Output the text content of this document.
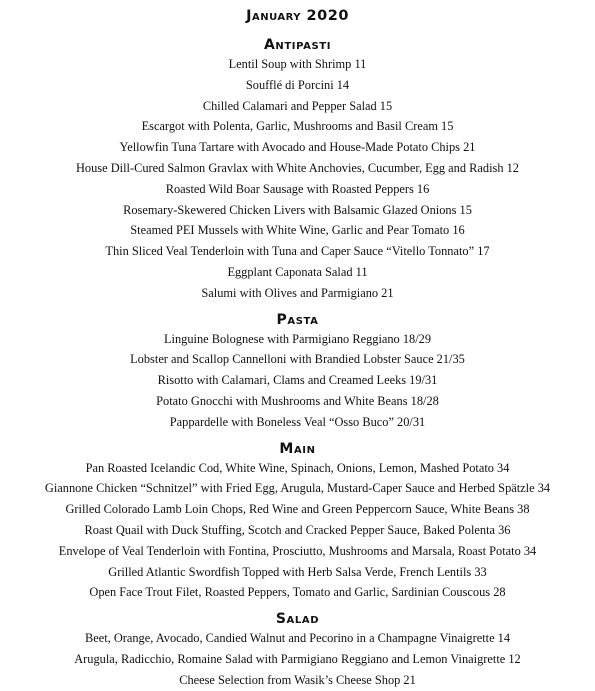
January 2020
Antipasti
Lentil Soup with Shrimp 11
Soufflé di Porcini 14
Chilled Calamari and Pepper Salad 15
Escargot with Polenta, Garlic, Mushrooms and Basil Cream 15
Yellowfin Tuna Tartare with Avocado and House-Made Potato Chips 21
House Dill-Cured Salmon Gravlax with White Anchovies, Cucumber, Egg and Radish 12
Roasted Wild Boar Sausage with Roasted Peppers 16
Rosemary-Skewered Chicken Livers with Balsamic Glazed Onions 15
Steamed PEI Mussels with White Wine, Garlic and Pear Tomato 16
Thin Sliced Veal Tenderloin with Tuna and Caper Sauce “Vitello Tonnato” 17
Eggplant Caponata Salad 11
Salumi with Olives and Parmigiano 21
Pasta
Linguine Bolognese with Parmigiano Reggiano 18/29
Lobster and Scallop Cannelloni with Brandied Lobster Sauce 21/35
Risotto with Calamari, Clams and Creamed Leeks 19/31
Potato Gnocchi with Mushrooms and White Beans 18/28
Pappardelle with Boneless Veal “Osso Buco” 20/31
Main
Pan Roasted Icelandic Cod, White Wine, Spinach, Onions, Lemon, Mashed Potato 34
Giannone Chicken “Schnitzel” with Fried Egg, Arugula, Mustard-Caper Sauce and Herbed Spätzle 34
Grilled Colorado Lamb Loin Chops, Red Wine and Green Peppercorn Sauce, White Beans 38
Roast Quail with Duck Stuffing, Scotch and Cracked Pepper Sauce, Baked Polenta 36
Envelope of Veal Tenderloin with Fontina, Prosciutto, Mushrooms and Marsala, Roast Potato 34
Grilled Atlantic Swordfish Topped with Herb Salsa Verde, French Lentils 33
Open Face Trout Filet, Roasted Peppers, Tomato and Garlic, Sardinian Couscous 28
Salad
Beet, Orange, Avocado, Candied Walnut and Pecorino in a Champagne Vinaigrette 14
Arugula, Radicchio, Romaine Salad with Parmigiano Reggiano and Lemon Vinaigrette 12
Cheese Selection from Wasik’s Cheese Shop 21
